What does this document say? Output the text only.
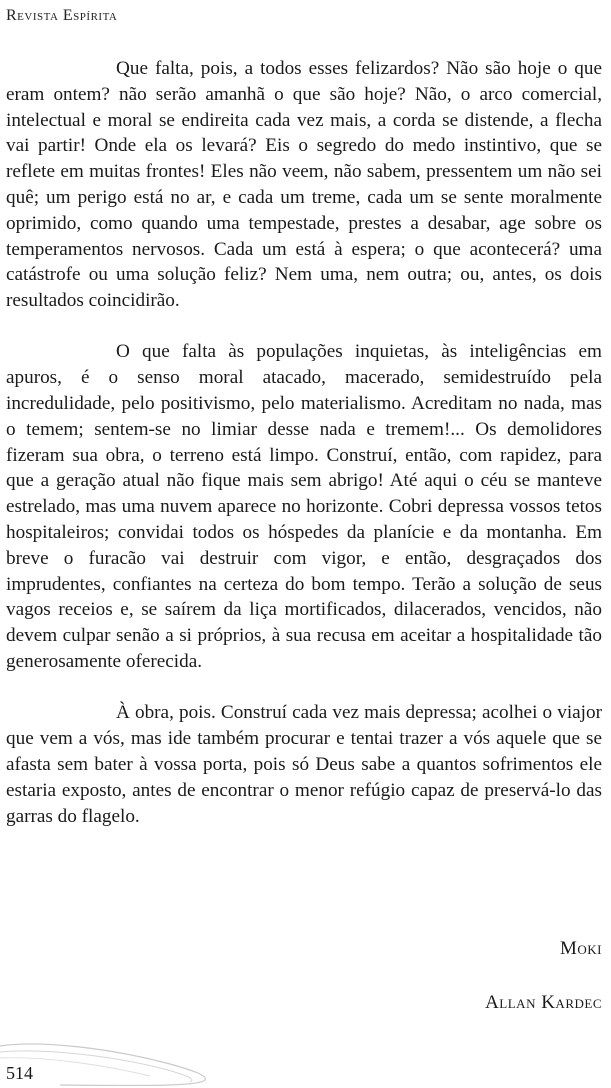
Revista Espírita

Que falta, pois, a todos esses felizardos? Não são hoje o que eram ontem? não serão amanhã o que são hoje? Não, o arco comercial, intelectual e moral se endireita cada vez mais, a corda se distende, a flecha vai partir! Onde ela os levará? Eis o segredo do medo instintivo, que se reflete em muitas frontes! Eles não veem, não sabem, pressentem um não sei quê; um perigo está no ar, e cada um treme, cada um se sente moralmente oprimido, como quando uma tempestade, prestes a desabar, age sobre os temperamentos nervosos. Cada um está à espera; o que acontecerá? uma catástrofe ou uma solução feliz? Nem uma, nem outra; ou, antes, os dois resultados coincidirão.

O que falta às populações inquietas, às inteligências em apuros, é o senso moral atacado, macerado, semidestruído pela incredulidade, pelo positivismo, pelo materialismo. Acreditam no nada, mas o temem; sentem-se no limiar desse nada e tremem!... Os demolidores fizeram sua obra, o terreno está limpo. Construí, então, com rapidez, para que a geração atual não fique mais sem abrigo! Até aqui o céu se manteve estrelado, mas uma nuvem aparece no horizonte. Cobri depressa vossos tetos hospitaleiros; convidai todos os hóspedes da planície e da montanha. Em breve o furacão vai destruir com vigor, e então, desgraçados dos imprudentes, confiantes na certeza do bom tempo. Terão a solução de seus vagos receios e, se saírem da liça mortificados, dilacerados, vencidos, não devem culpar senão a si próprios, à sua recusa em aceitar a hospitalidade tão generosamente oferecida.

À obra, pois. Construí cada vez mais depressa; acolhei o viajor que vem a vós, mas ide também procurar e tentai trazer a vós aquele que se afasta sem bater à vossa porta, pois só Deus sabe a quantos sofrimentos ele estaria exposto, antes de encontrar o menor refúgio capaz de preservá-lo das garras do flagelo.

Moki
Allan Kardec
514
